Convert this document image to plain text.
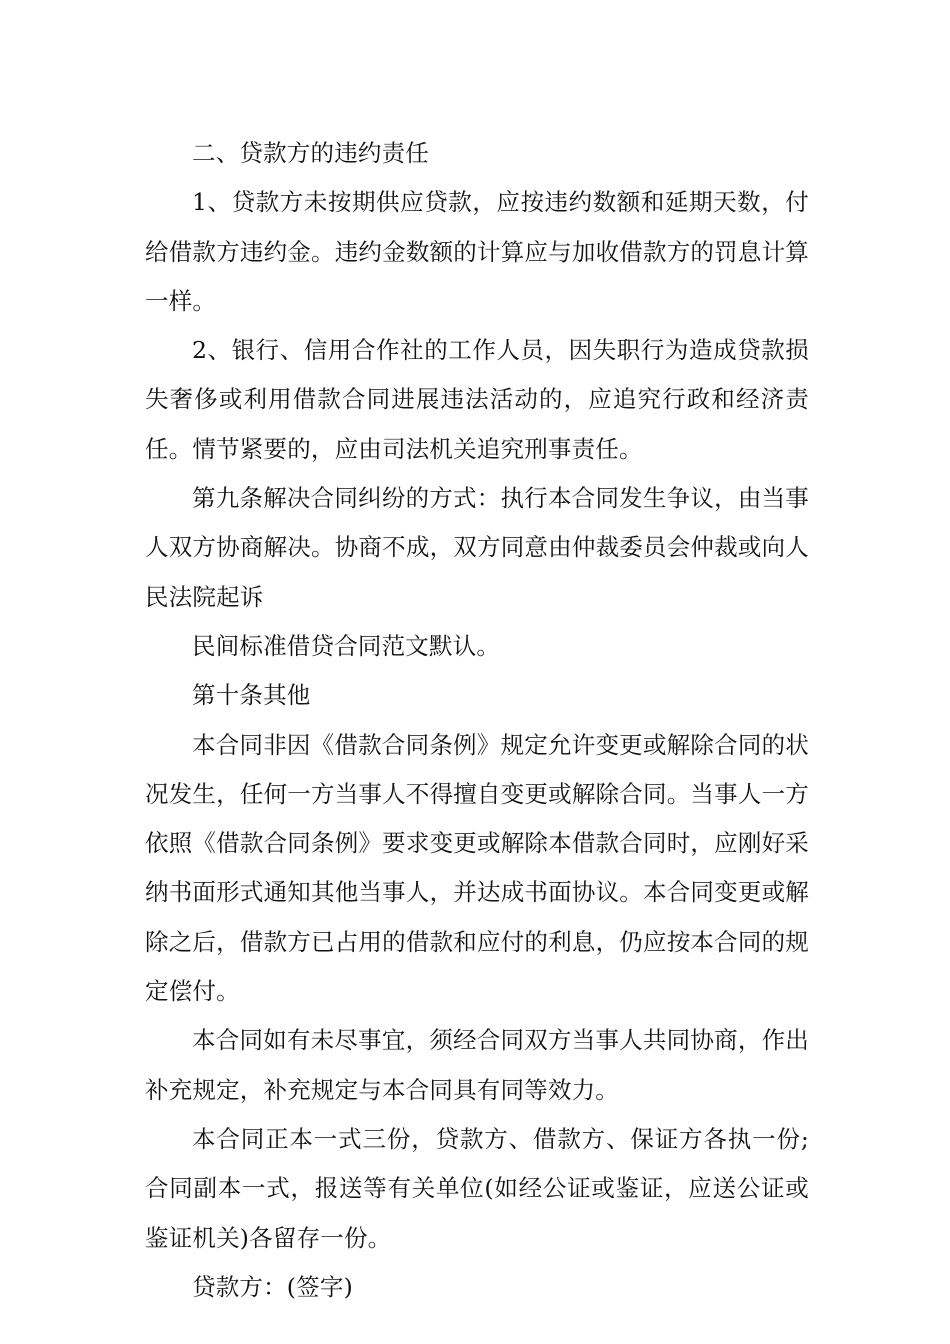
二、贷款方的违约责任

1、贷款方未按期供应贷款，应按违约数额和延期天数，付给借款方违约金。违约金数额的计算应与加收借款方的罚息计算一样。

2、银行、信用合作社的工作人员，因失职行为造成贷款损失奢侈或利用借款合同进展违法活动的，应追究行政和经济责任。情节紧要的，应由司法机关追究刑事责任。

第九条解决合同纠纷的方式：执行本合同发生争议，由当事人双方协商解决。协商不成，双方同意由仲裁委员会仲裁或向人民法院起诉

民间标准借贷合同范文默认。

第十条其他

本合同非因《借款合同条例》规定允许变更或解除合同的状况发生，任何一方当事人不得擅自变更或解除合同。当事人一方依照《借款合同条例》要求变更或解除本借款合同时，应刚好采纳书面形式通知其他当事人，并达成书面协议。本合同变更或解除之后，借款方已占用的借款和应付的利息，仍应按本合同的规定偿付。

本合同如有未尽事宜，须经合同双方当事人共同协商，作出补充规定，补充规定与本合同具有同等效力。

本合同正本一式三份，贷款方、借款方、保证方各执一份;合同副本一式，报送等有关单位(如经公证或鉴证，应送公证或鉴证机关)各留存一份。

贷款方：(签字)
